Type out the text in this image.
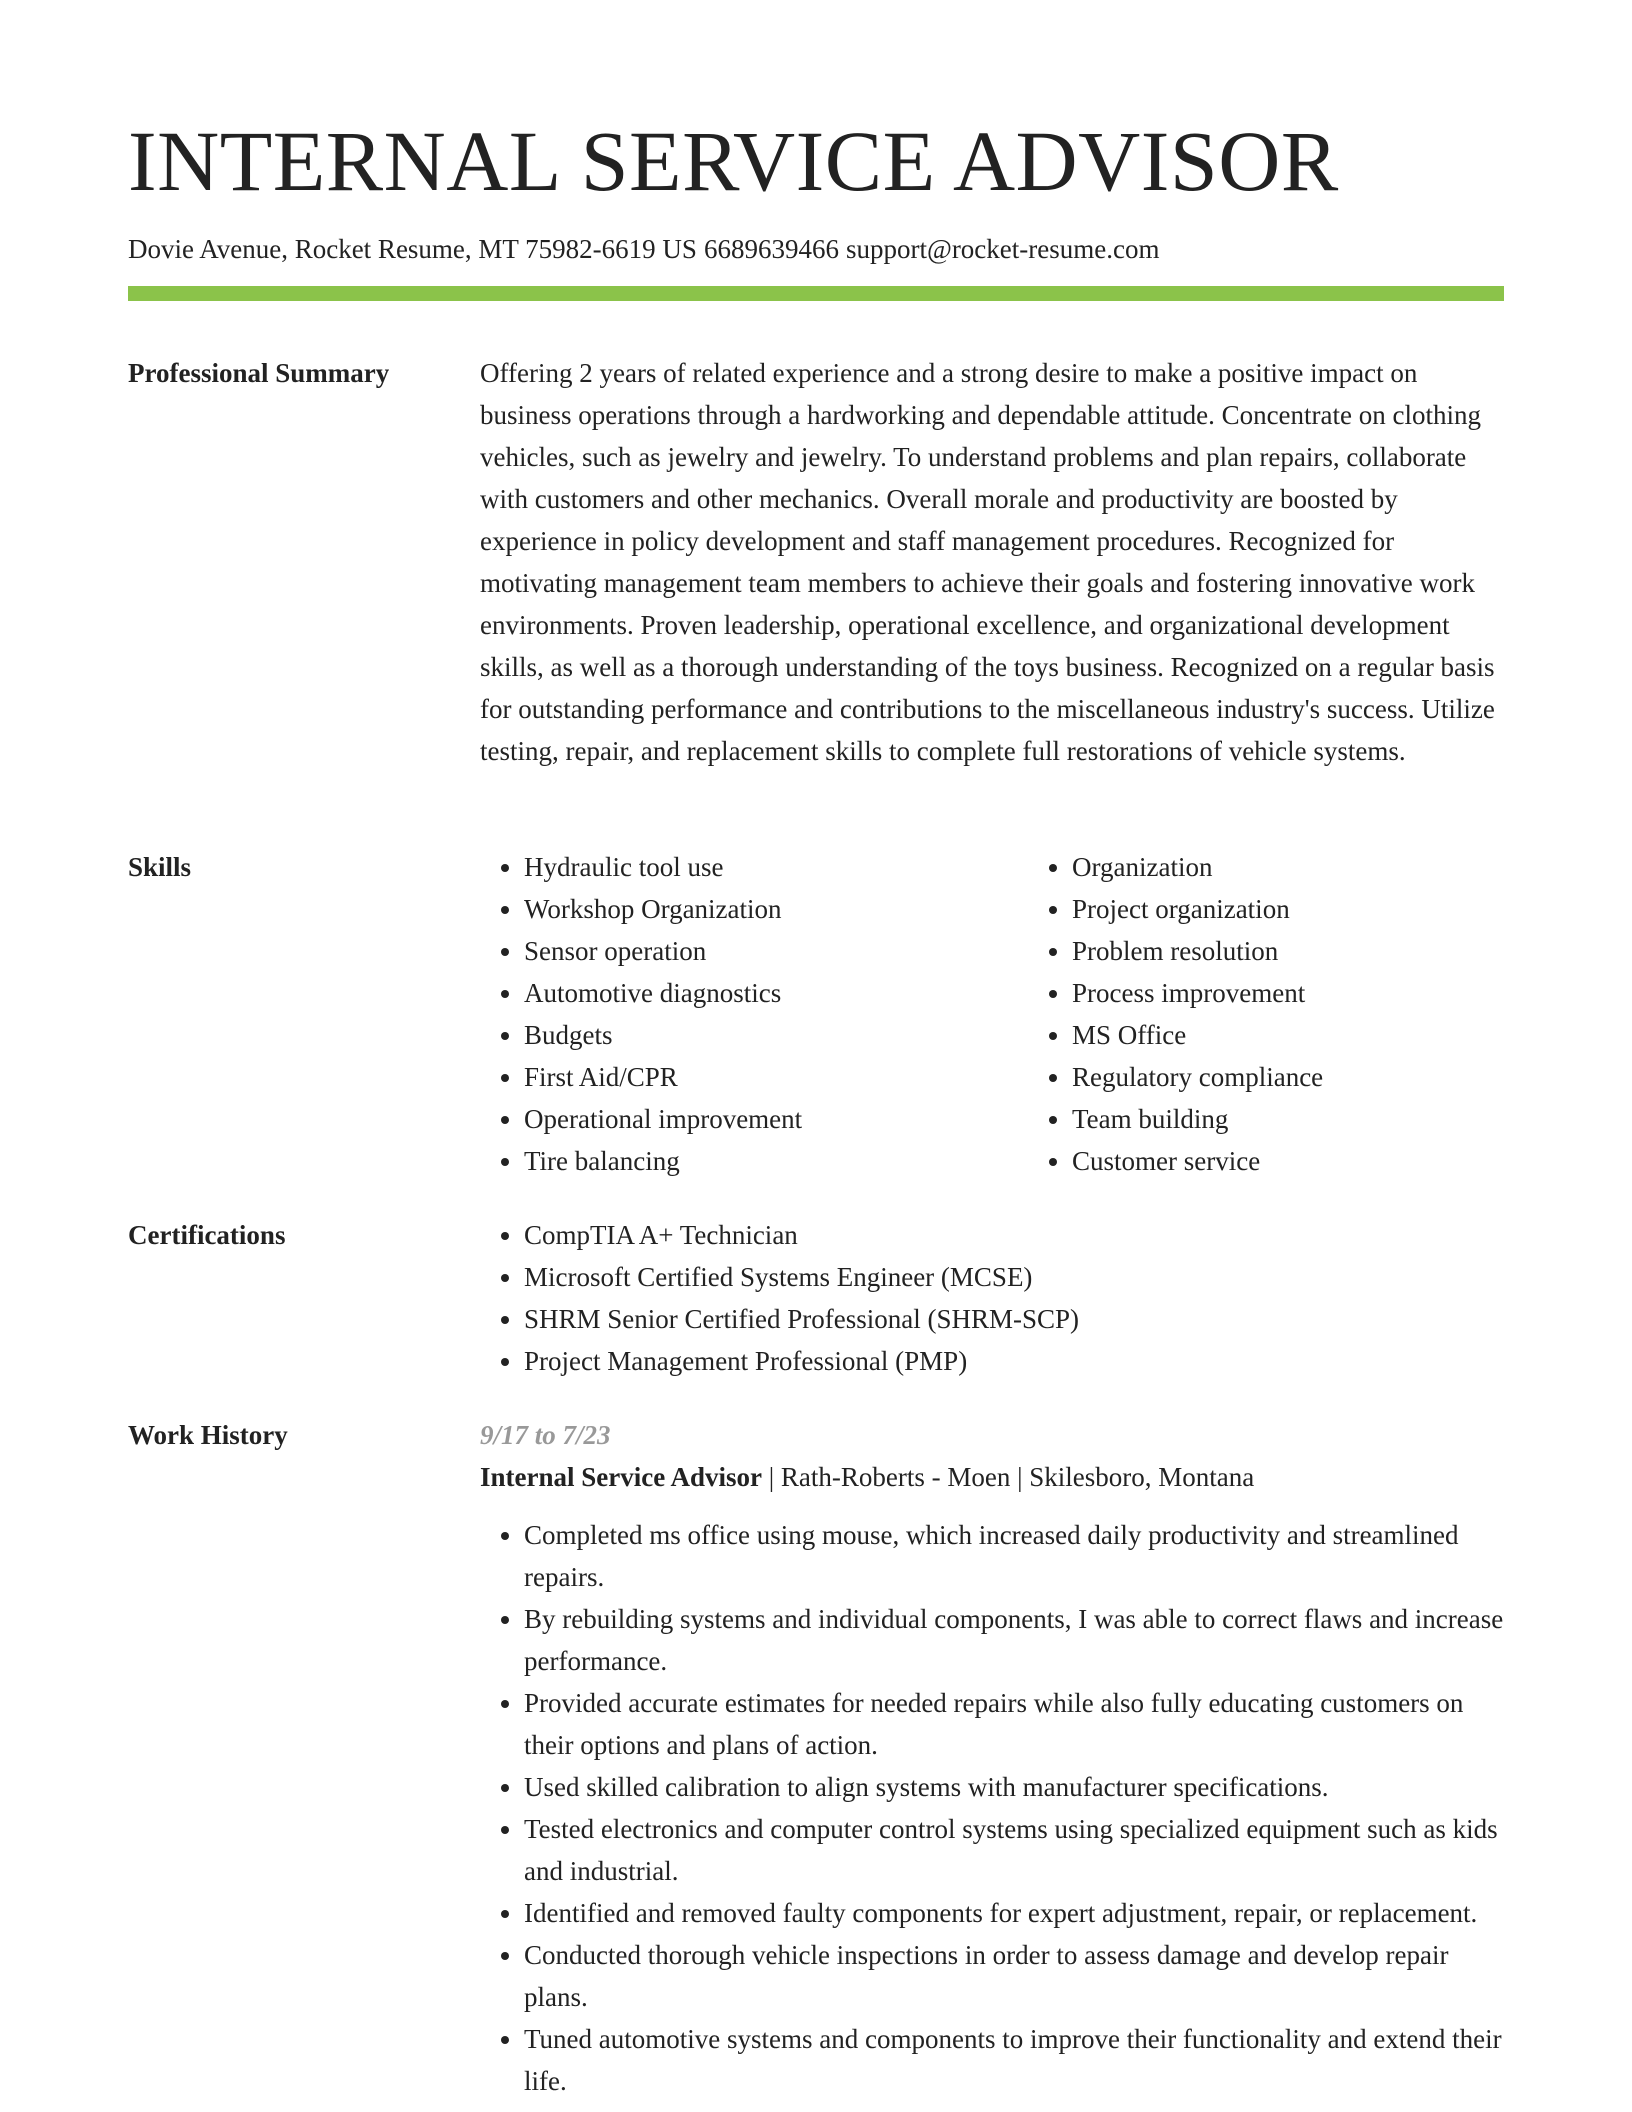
INTERNAL SERVICE ADVISOR
Dovie Avenue, Rocket Resume, MT 75982-6619 US 6689639466 support@rocket-resume.com
Professional Summary	Offering 2 years of related experience and a strong desire to make a positive impact on business operations through a hardworking and dependable attitude. Concentrate on clothing vehicles, such as jewelry and jewelry. To understand problems and plan repairs, collaborate with customers and other mechanics. Overall morale and productivity are boosted by experience in policy development and staff management procedures. Recognized for motivating management team members to achieve their goals and fostering innovative work environments. Proven leadership, operational excellence, and organizational development skills, as well as a thorough understanding of the toys business. Recognized on a regular basis for outstanding performance and contributions to the miscellaneous industry's success. Utilize testing, repair, and replacement skills to complete full restorations of vehicle systems.

Skills	• Hydraulic tool use
• Workshop Organization
• Sensor operation
• Automotive diagnostics
• Budgets
• First Aid/CPR
• Operational improvement
• Tire balancing
• Organization
• Project organization
• Problem resolution
• Process improvement
• MS Office
• Regulatory compliance
• Team building
• Customer service
Certifications	• CompTIA A+ Technician
• Microsoft Certified Systems Engineer (MCSE)
• SHRM Senior Certified Professional (SHRM-SCP)
• Project Management Professional (PMP)
Work History	9/17 to 7/23
Internal Service Advisor | Rath-Roberts - Moen | Skilesboro, Montana
• Completed ms office using mouse, which increased daily productivity and streamlined repairs.
• By rebuilding systems and individual components, I was able to correct flaws and increase performance.
• Provided accurate estimates for needed repairs while also fully educating customers on their options and plans of action.
• Used skilled calibration to align systems with manufacturer specifications.
• Tested electronics and computer control systems using specialized equipment such as kids and industrial.
• Identified and removed faulty components for expert adjustment, repair, or replacement.
• Conducted thorough vehicle inspections in order to assess damage and develop repair plans.
• Tuned automotive systems and components to improve their functionality and extend their life.
